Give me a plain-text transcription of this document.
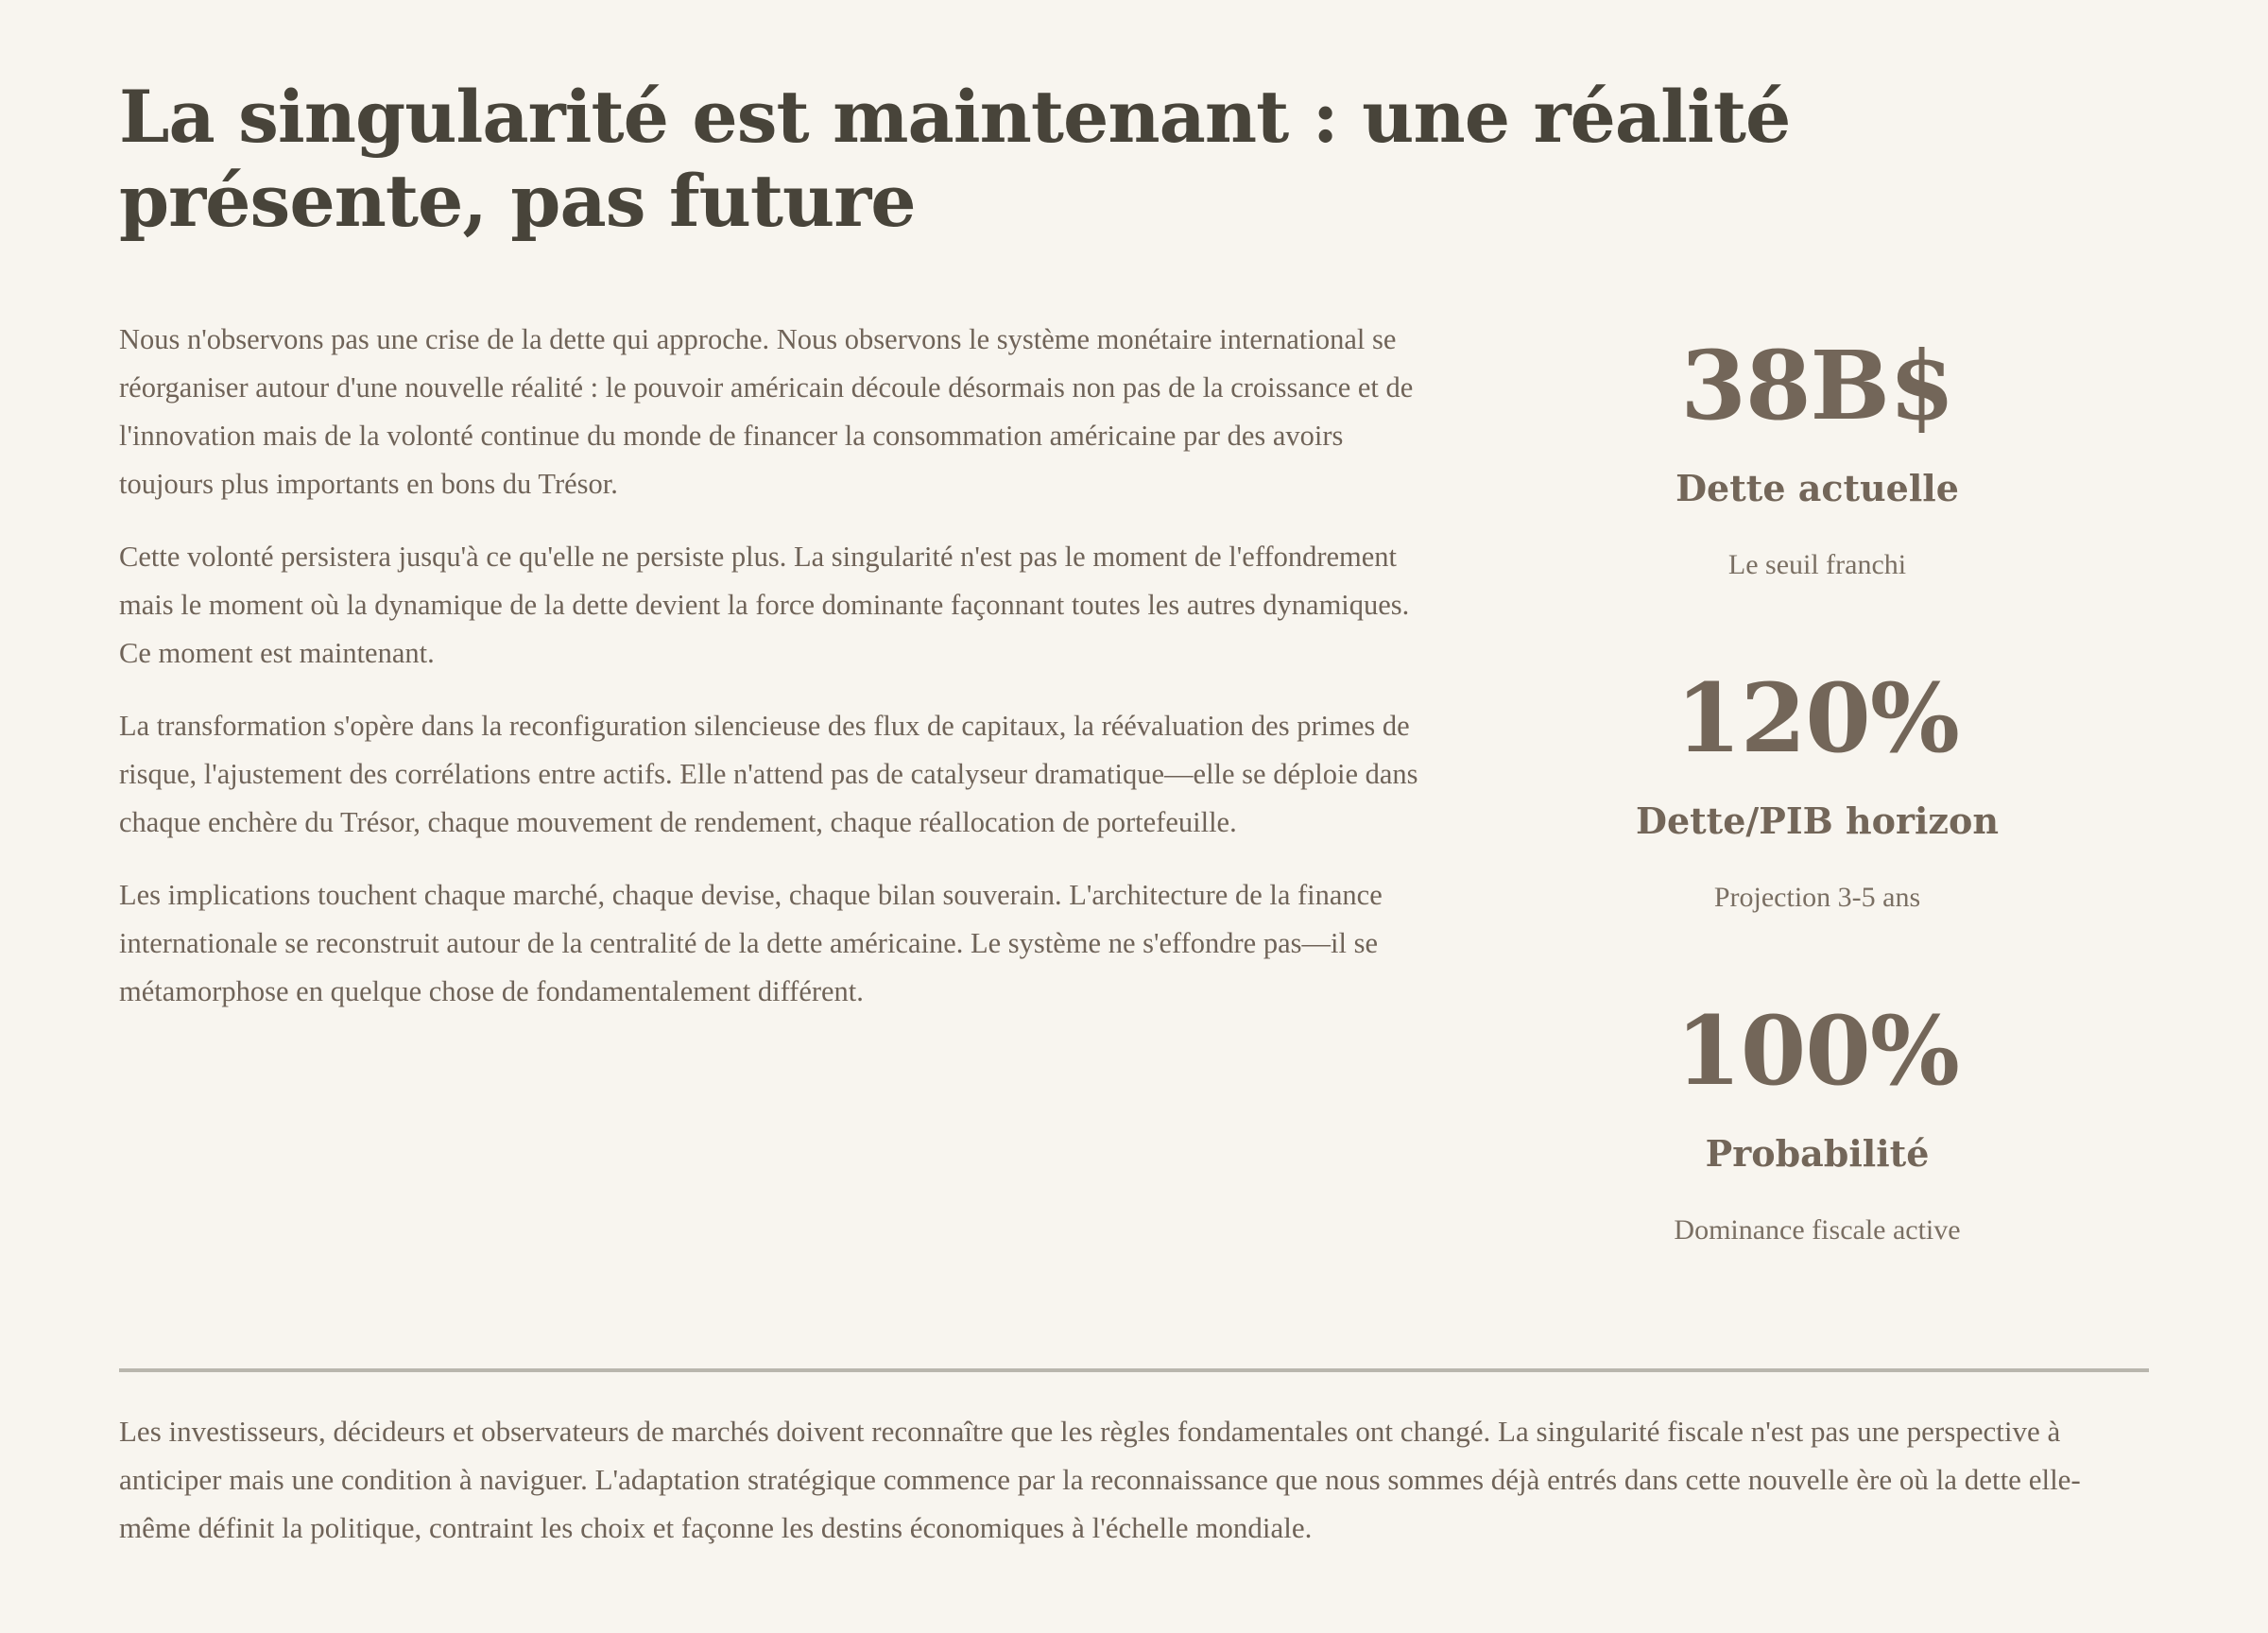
La singularité est maintenant : une réalité présente, pas future

Nous n'observons pas une crise de la dette qui approche. Nous observons le système monétaire international se réorganiser autour d'une nouvelle réalité : le pouvoir américain découle désormais non pas de la croissance et de l'innovation mais de la volonté continue du monde de financer la consommation américaine par des avoirs toujours plus importants en bons du Trésor.

Cette volonté persistera jusqu'à ce qu'elle ne persiste plus. La singularité n'est pas le moment de l'effondrement mais le moment où la dynamique de la dette devient la force dominante façonnant toutes les autres dynamiques. Ce moment est maintenant.

La transformation s'opère dans la reconfiguration silencieuse des flux de capitaux, la réévaluation des primes de risque, l'ajustement des corrélations entre actifs. Elle n'attend pas de catalyseur dramatique—elle se déploie dans chaque enchère du Trésor, chaque mouvement de rendement, chaque réallocation de portefeuille.

Les implications touchent chaque marché, chaque devise, chaque bilan souverain. L'architecture de la finance internationale se reconstruit autour de la centralité de la dette américaine. Le système ne s'effondre pas—il se métamorphose en quelque chose de fondamentalement différent.

38B$
Dette actuelle
Le seuil franchi
120%
Dette/PIB horizon
Projection 3-5 ans
100%
Probabilité
Dominance fiscale active

Les investisseurs, décideurs et observateurs de marchés doivent reconnaître que les règles fondamentales ont changé. La singularité fiscale n'est pas une perspective à anticiper mais une condition à naviguer. L'adaptation stratégique commence par la reconnaissance que nous sommes déjà entrés dans cette nouvelle ère où la dette elle-même définit la politique, contraint les choix et façonne les destins économiques à l'échelle mondiale.
